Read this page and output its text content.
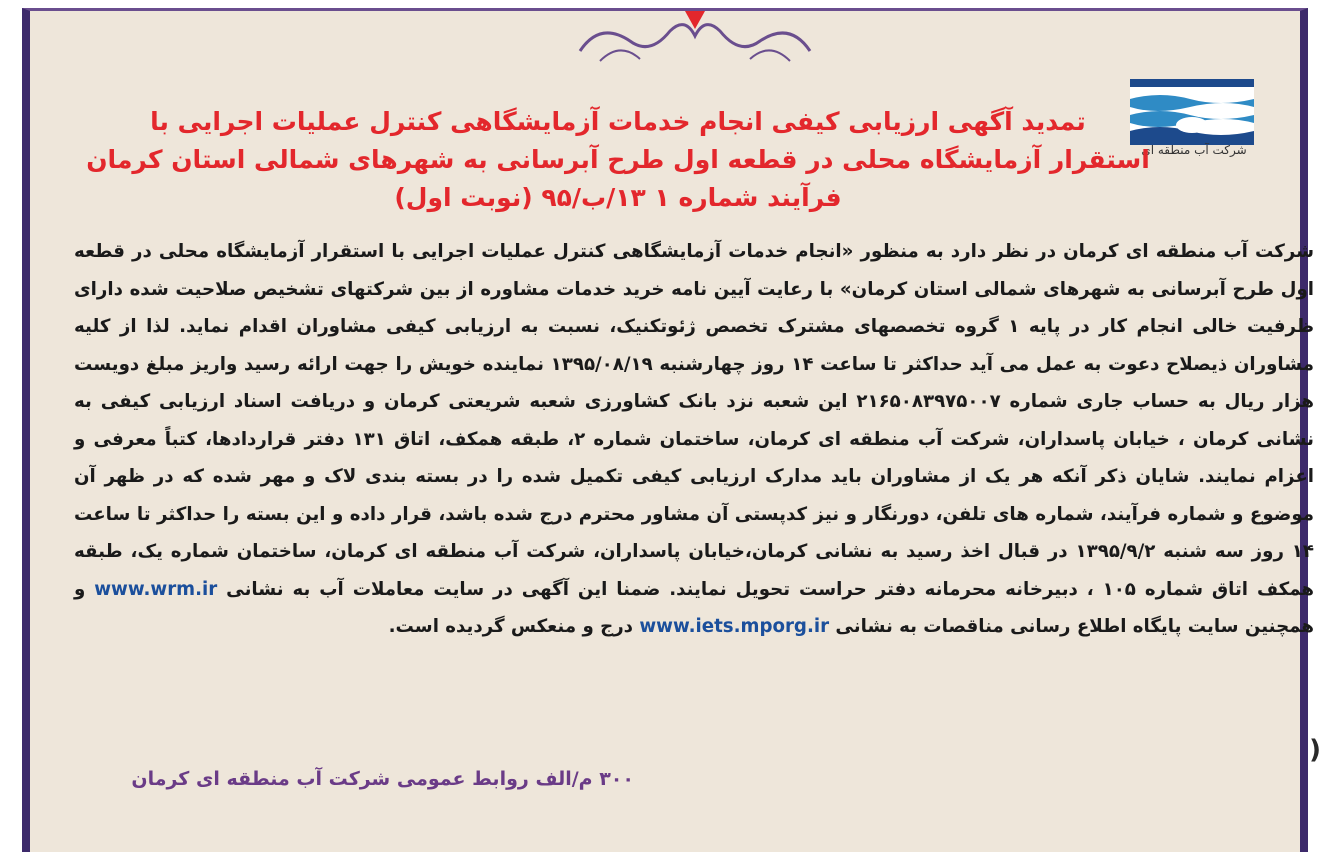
شرکت آب منطقه ای
تمدید آگهی ارزیابی کیفی انجام خدمات آزمایشگاهی کنترل عملیات اجرایی با
استقرار آزمایشگاه محلی در قطعه اول طرح آبرسانی به شهرهای شمالی استان کرمان
فرآیند شماره ۱ ۱۳/ب/۹۵ (نوبت اول)
شرکت آب منطقه ای کرمان در نظر دارد به منظور «انجام خدمات آزمایشگاهی کنترل عملیات اجرایی با استقرار آزمایشگاه محلی در قطعه اول طرح آبرسانی به شهرهای شمالی استان کرمان» با رعایت آیین نامه خرید خدمات مشاوره از بین شرکتهای تشخیص صلاحیت شده دارای ظرفیت خالی انجام کار در پایه ۱ گروه تخصصهای مشترک تخصص ژئوتکنیک، نسبت به ارزیابی کیفی مشاوران اقدام نماید. لذا از کلیه مشاوران ذیصلاح دعوت به عمل می آید حداکثر تا ساعت ۱۴ روز چهارشنبه ۱۳۹۵/۰۸/۱۹ نماینده خویش را جهت ارائه رسید واریز مبلغ دویست هزار ریال به حساب جاری شماره ۲۱۶۵۰۸۳۹۷۵۰۰۷ این شعبه نزد بانک کشاورزی شعبه شریعتی کرمان و دریافت اسناد ارزیابی کیفی به نشانی کرمان ، خیابان پاسداران، شرکت آب منطقه ای کرمان، ساختمان شماره ۲، طبقه همکف، اتاق ۱۳۱ دفتر قراردادها، کتباً معرفی و اعزام نمایند. شایان ذکر آنکه هر یک از مشاوران باید مدارک ارزیابی کیفی تکمیل شده را در بسته بندی لاک و مهر شده که در ظهر آن موضوع و شماره فرآیند، شماره های تلفن، دورنگار و نیز کدپستی آن مشاور محترم درج شده باشد، قرار داده و این بسته را حداکثر تا ساعت ۱۴ روز سه شنبه ۱۳۹۵/۹/۲ در قبال اخذ رسید به نشانی کرمان،خیابان پاسداران، شرکت آب منطقه ای کرمان، ساختمان شماره یک، طبقه همکف اتاق شماره ۱۰۵ ، دبیرخانه محرمانه دفتر حراست تحویل نمایند. ضمنا این آگهی در سایت معاملات آب به نشانی www.wrm.ir و همچنین سایت پایگاه اطلاع رسانی مناقصات به نشانی www.iets.mporg.ir درج و منعکس گردیده است.
۳۰۰ م/الف روابط عمومی شرکت آب منطقه ای کرمان
)
